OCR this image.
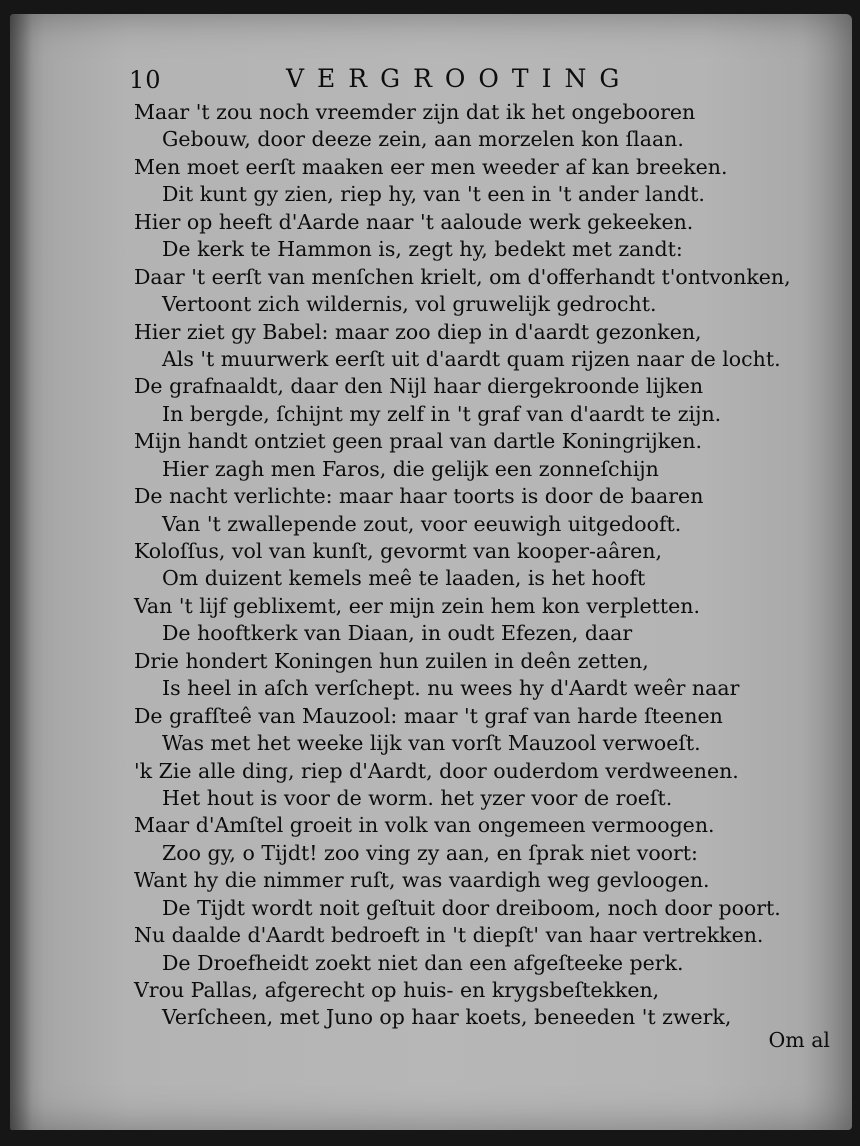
10	VERGROOTING
Maar 't zou noch vreemder zijn dat ik het ongebooren
Gebouw, door deeze zein, aan morzelen kon ſlaan.
Men moet eerſt maaken eer men weeder af kan breeken.
Dit kunt gy zien, riep hy, van 't een in 't ander landt.
Hier op heeft d'Aarde naar 't aaloude werk gekeeken.
De kerk te Hammon is, zegt hy, bedekt met zandt:
Daar 't eerſt van menſchen krielt, om d'offerhandt t'ontvonken,
Vertoont zich wildernis, vol gruwelijk gedrocht.
Hier ziet gy Babel: maar zoo diep in d'aardt gezonken,
Als 't muurwerk eerſt uit d'aardt quam rijzen naar de locht.
De grafnaaldt, daar den Nijl haar diergekroonde lijken
In bergde, ſchijnt my zelf in 't graf van d'aardt te zijn.
Mijn handt ontziet geen praal van dartle Koningrijken.
Hier zagh men Faros, die gelijk een zonneſchijn
De nacht verlichte: maar haar toorts is door de baaren
Van 't zwallepende zout, voor eeuwigh uitgedooft.
Koloſſus, vol van kunſt, gevormt van kooper-aâren,
Om duizent kemels meê te laaden, is het hooft
Van 't lijf geblixemt, eer mijn zein hem kon verpletten.
De hooftkerk van Diaan, in oudt Efezen, daar
Drie hondert Koningen hun zuilen in deên zetten,
Is heel in aſch verſchept. nu wees hy d'Aardt weêr naar
De grafſteê van Mauzool: maar 't graf van harde ſteenen
Was met het weeke lijk van vorſt Mauzool verwoeſt.
'k Zie alle ding, riep d'Aardt, door ouderdom verdweenen.
Het hout is voor de worm. het yzer voor de roeſt.
Maar d'Amſtel groeit in volk van ongemeen vermoogen.
Zoo gy, o Tijdt! zoo ving zy aan, en ſprak niet voort:
Want hy die nimmer ruſt, was vaardigh weg gevloogen.
De Tijdt wordt noit geſtuit door dreiboom, noch door poort.
Nu daalde d'Aardt bedroeft in 't diepſt' van haar vertrekken.
De Droefheidt zoekt niet dan een afgeſteeke perk.
Vrou Pallas, afgerecht op huis- en krygsbeſtekken,
Verſcheen, met Juno op haar koets, beneeden 't zwerk,
Om al
